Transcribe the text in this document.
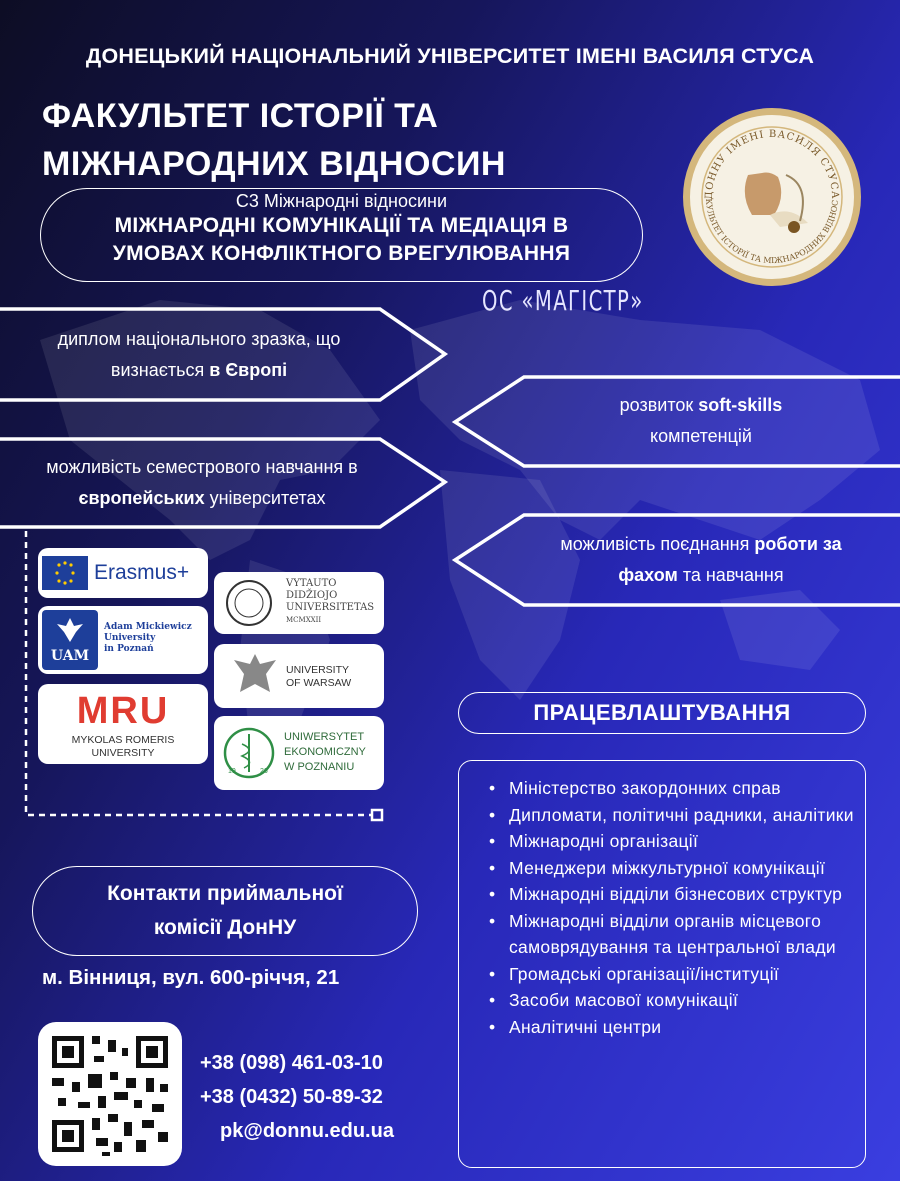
ДОНЕЦЬКИЙ НАЦІОНАЛЬНИЙ УНІВЕРСИТЕТ ІМЕНІ ВАСИЛЯ СТУСА
ФАКУЛЬТЕТ ІСТОРІЇ ТА
МІЖНАРОДНИХ ВІДНОСИН
ДОННУ ІМЕНІ ВАСИЛЯ СТУСА
КУЛЬТЕТ ІСТОРІЇ ТА МІЖНАРОДНИХ ВІДНОС
С3 Міжнародні відносини
МІЖНАРОДНІ КОМУНІКАЦІЇ ТА МЕДІАЦІЯ В
УМОВАХ КОНФЛІКТНОГО ВРЕГУЛЮВАННЯ
ОС «МАГІСТР»
диплом національного зразка, що
визнається в Європі
розвиток soft-skills
компетенцій
можливість семестрового навчання в
європейських університетах
можливість поєднання роботи за
фахом та навчання
Erasmus+
UAM
Adam Mickiewicz
University
in Poznań
MRU
MYKOLAS ROMERIS
UNIVERSITY
VYTAUTO
DIDŽIOJO
UNIVERSITETAS
MCMXXII
UNIVERSITY
OF WARSAW
19	26
UNIWERSYTET
EKONOMICZNY
W POZNANIU
ПРАЦЕВЛАШТУВАННЯ
• Міністерство закордонних справ
• Дипломати, політичні радники, аналітики
• Міжнародні організації
• Менеджери міжкультурної комунікації
• Міжнародні відділи бізнесових структур
• Міжнародні відділи органів місцевого самоврядування та центральної влади
• Громадські організації/інституції
• Засоби масової комунікації
• Аналітичні центри
Контакти приймальної
комісії ДонНУ
м. Вінниця, вул. 600-річчя, 21
+38 (098) 461-03-10
+38 (0432) 50-89-32
pk@donnu.edu.ua
